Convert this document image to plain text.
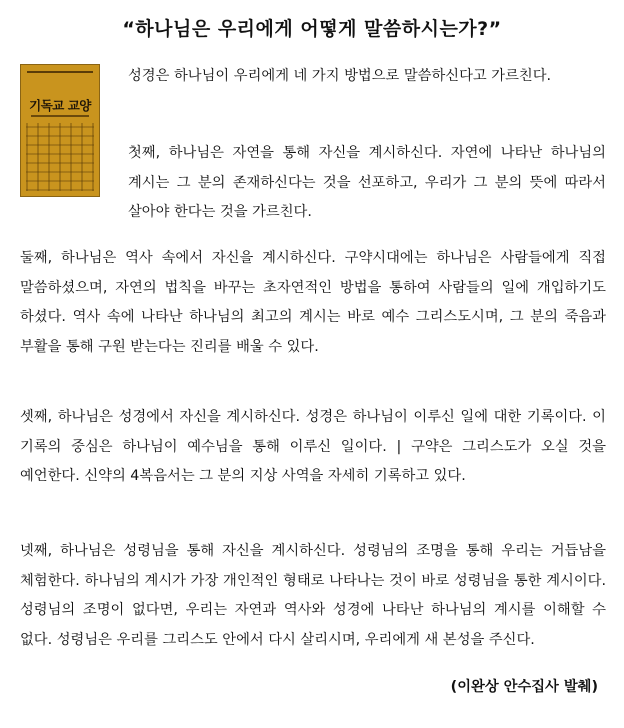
“하나님은 우리에게 어떻게 말씀하시는가?”
기독교 교양

성경은 하나님이 우리에게 네 가지 방법으로 말씀하신다고 가르친다.

첫째, 하나님은 자연을 통해 자신을 계시하신다. 자연에 나타난 하나님의 계시는 그 분의 존재하신다는 것을 선포하고, 우리가 그 분의 뜻에 따라서 살아야 한다는 것을 가르친다.

둘째, 하나님은 역사 속에서 자신을 계시하신다. 구약시대에는 하나님은 사람들에게 직접 말씀하셨으며, 자연의 법칙을 바꾸는 초자연적인 방법을 통하여 사람들의 일에 개입하기도 하셨다. 역사 속에 나타난 하나님의 최고의 계시는 바로 예수 그리스도시며, 그 분의 죽음과 부활을 통해 구원 받는다는 진리를 배울 수 있다.

셋째, 하나님은 성경에서 자신을 계시하신다. 성경은 하나님이 이루신 일에 대한 기록이다. 이 기록의 중심은 하나님이 예수님을 통해 이루신 일이다. | 구약은 그리스도가 오실 것을 예언한다. 신약의 4복음서는 그 분의 지상 사역을 자세히 기록하고 있다.

넷째, 하나님은 성령님을 통해 자신을 계시하신다. 성령님의 조명을 통해 우리는 거듭남을 체험한다. 하나님의 계시가 가장 개인적인 형태로 나타나는 것이 바로 성령님을 통한 계시이다. 성령님의 조명이 없다면, 우리는 자연과 역사와 성경에 나타난 하나님의 계시를 이해할 수 없다. 성령님은 우리를 그리스도 안에서 다시 살리시며, 우리에게 새 본성을 주신다.

(이완상 안수집사 발췌)
